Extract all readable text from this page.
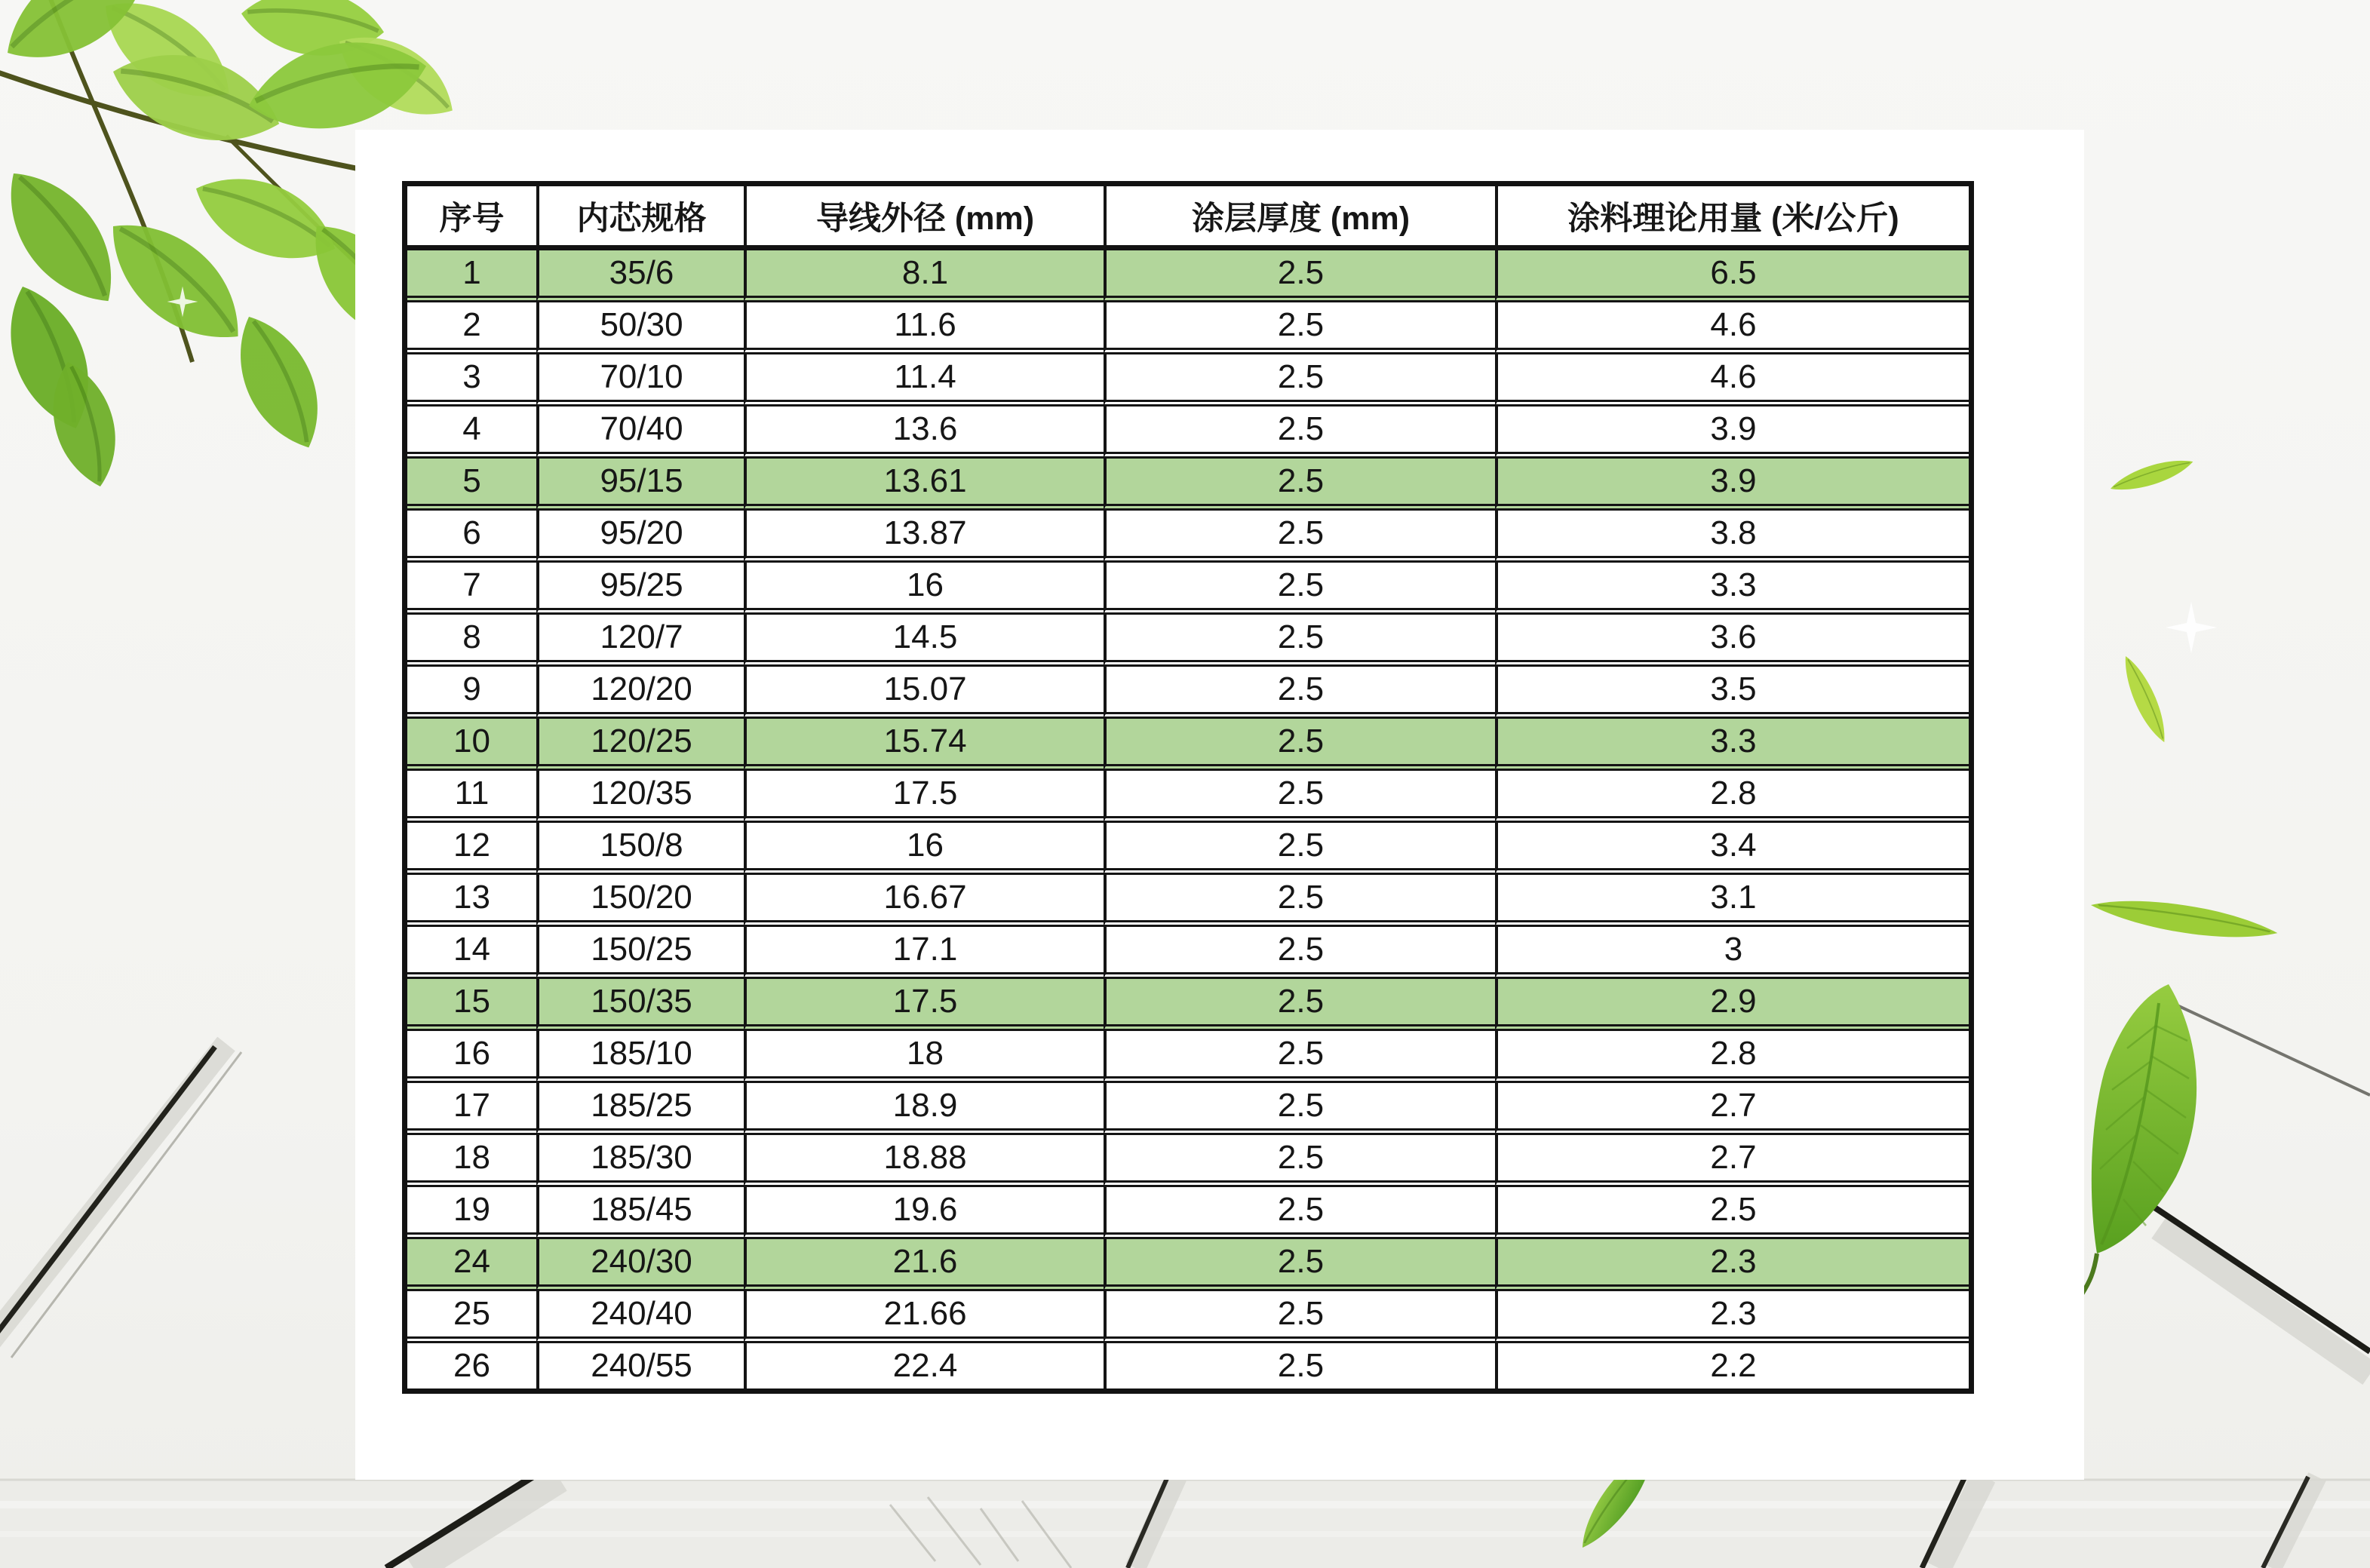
序号	内芯规格	导线外径 (mm)	涂层厚度 (mm)	涂料理论用量 (米/公斤)
1	35/6	8.1	2.5	6.5
2	50/30	11.6	2.5	4.6
3	70/10	11.4	2.5	4.6
4	70/40	13.6	2.5	3.9
5	95/15	13.61	2.5	3.9
6	95/20	13.87	2.5	3.8
7	95/25	16	2.5	3.3
8	120/7	14.5	2.5	3.6
9	120/20	15.07	2.5	3.5
10	120/25	15.74	2.5	3.3
11	120/35	17.5	2.5	2.8
12	150/8	16	2.5	3.4
13	150/20	16.67	2.5	3.1
14	150/25	17.1	2.5	3
15	150/35	17.5	2.5	2.9
16	185/10	18	2.5	2.8
17	185/25	18.9	2.5	2.7
18	185/30	18.88	2.5	2.7
19	185/45	19.6	2.5	2.5
24	240/30	21.6	2.5	2.3
25	240/40	21.66	2.5	2.3
26	240/55	22.4	2.5	2.2
